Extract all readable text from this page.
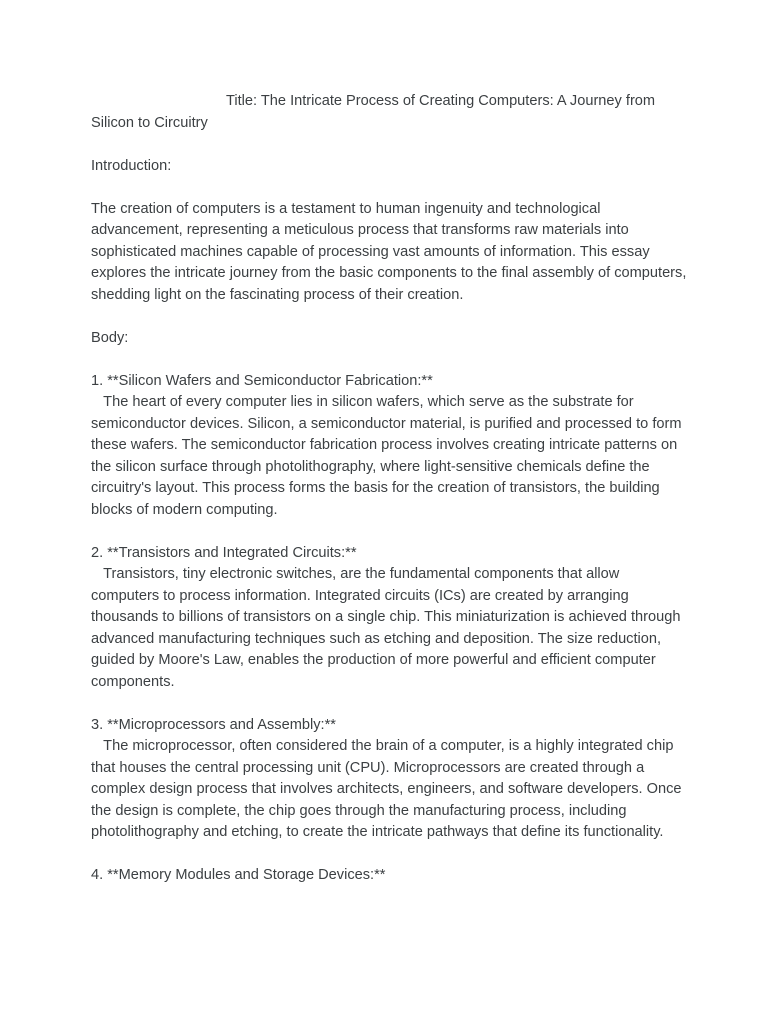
Title: The Intricate Process of Creating Computers: A Journey from Silicon to Circuitry

Introduction:

The creation of computers is a testament to human ingenuity and technological advancement, representing a meticulous process that transforms raw materials into sophisticated machines capable of processing vast amounts of information. This essay explores the intricate journey from the basic components to the final assembly of computers, shedding light on the fascinating process of their creation.

Body:

1. **Silicon Wafers and Semiconductor Fabrication:**

The heart of every computer lies in silicon wafers, which serve as the substrate for semiconductor devices. Silicon, a semiconductor material, is purified and processed to form these wafers. The semiconductor fabrication process involves creating intricate patterns on the silicon surface through photolithography, where light-sensitive chemicals define the circuitry's layout. This process forms the basis for the creation of transistors, the building blocks of modern computing.

2. **Transistors and Integrated Circuits:**

Transistors, tiny electronic switches, are the fundamental components that allow computers to process information. Integrated circuits (ICs) are created by arranging thousands to billions of transistors on a single chip. This miniaturization is achieved through advanced manufacturing techniques such as etching and deposition. The size reduction, guided by Moore's Law, enables the production of more powerful and efficient computer components.

3. **Microprocessors and Assembly:**

The microprocessor, often considered the brain of a computer, is a highly integrated chip that houses the central processing unit (CPU). Microprocessors are created through a complex design process that involves architects, engineers, and software developers. Once the design is complete, the chip goes through the manufacturing process, including photolithography and etching, to create the intricate pathways that define its functionality.

4. **Memory Modules and Storage Devices:**
